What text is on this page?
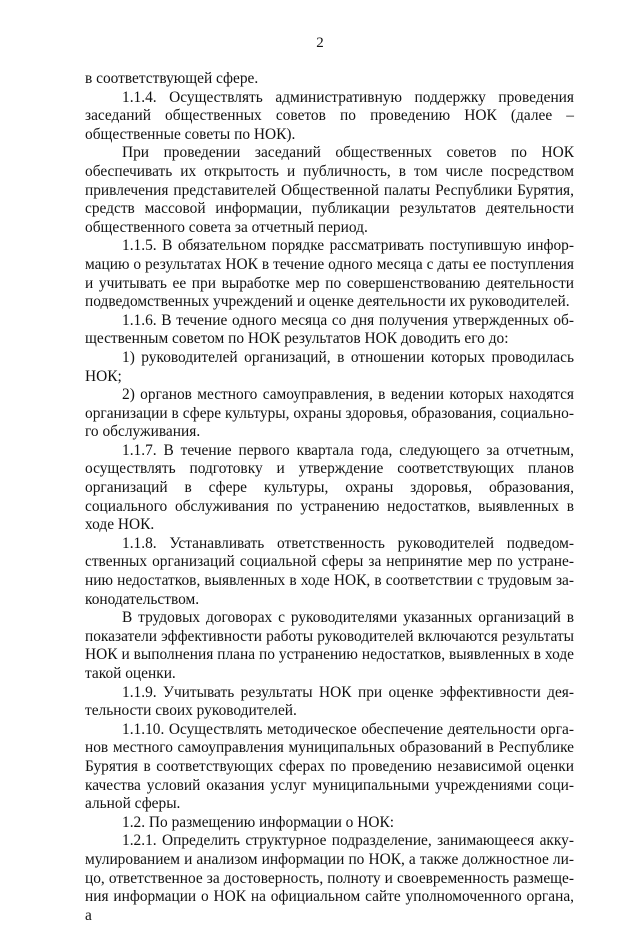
2

в соответствующей сфере.

1.1.4. Осуществлять административную поддержку проведения заседаний общественных советов по проведению НОК (далее – общественные советы по НОК).

При проведении заседаний общественных советов по НОК обеспечивать их открытость и публичность, в том числе посредством привлечения представителей Общественной палаты Республики Бурятия, средств массовой информации, публикации результатов деятельности общественного совета за отчетный период.

1.1.5. В обязательном порядке рассматривать поступившую информацию о результатах НОК в течение одного месяца с даты ее поступления и учитывать ее при выработке мер по совершенствованию деятельности подведомственных учреждений и оценке деятельности их руководителей.

1.1.6. В течение одного месяца со дня получения утвержденных общественным советом по НОК результатов НОК доводить его до:

1) руководителей организаций, в отношении которых проводилась НОК;

2) органов местного самоуправления, в ведении которых находятся организации в сфере культуры, охраны здоровья, образования, социального обслуживания.

1.1.7. В течение первого квартала года, следующего за отчетным, осуществлять подготовку и утверждение соответствующих планов организаций в сфере культуры, охраны здоровья, образования, социального обслуживания по устранению недостатков, выявленных в ходе НОК.

1.1.8. Устанавливать ответственность руководителей подведомственных организаций социальной сферы за непринятие мер по устранению недостатков, выявленных в ходе НОК, в соответствии с трудовым законодательством.

В трудовых договорах с руководителями указанных организаций в показатели эффективности работы руководителей включаются результаты НОК и выполнения плана по устранению недостатков, выявленных в ходе такой оценки.

1.1.9. Учитывать результаты НОК при оценке эффективности деятельности своих руководителей.

1.1.10. Осуществлять методическое обеспечение деятельности органов местного самоуправления муниципальных образований в Республике Бурятия в соответствующих сферах по проведению независимой оценки качества условий оказания услуг муниципальными учреждениями социальной сферы.

1.2. По размещению информации о НОК:

1.2.1. Определить структурное подразделение, занимающееся аккумулированием и анализом информации по НОК, а также должностное лицо, ответственное за достоверность, полноту и своевременность размещения информации о НОК на официальном сайте уполномоченного органа, а
